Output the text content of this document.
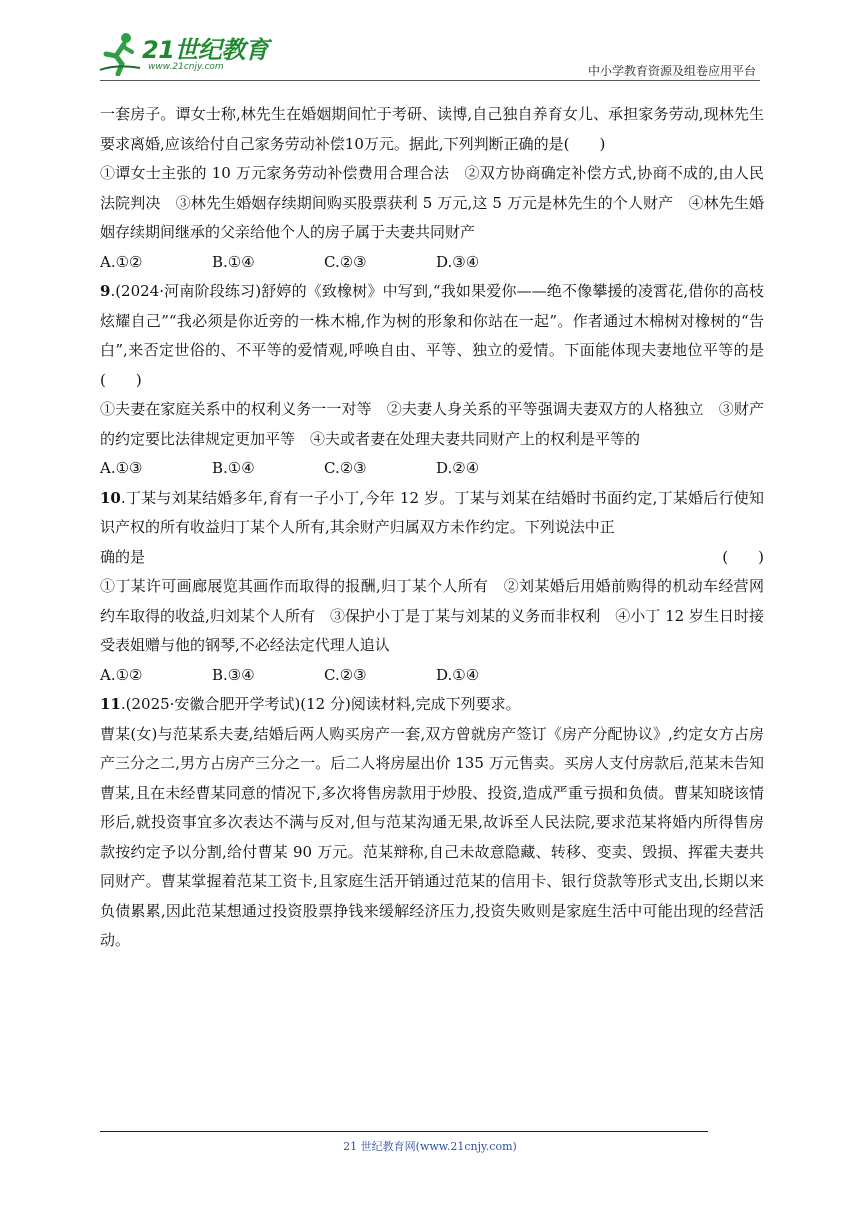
21世纪教育
www.21cnjy.com	中小学教育资源及组卷应用平台

一套房子。谭女士称,林先生在婚姻期间忙于考研、读博,自己独自养育女儿、承担家务劳动,现林先生要求离婚,应该给付自己家务劳动补偿10万元。据此,下列判断正确的是(　　)

①谭女士主张的 10 万元家务劳动补偿费用合理合法　②双方协商确定补偿方式,协商不成的,由人民法院判决　③林先生婚姻存续期间购买股票获利 5 万元,这 5 万元是林先生的个人财产　④林先生婚姻存续期间继承的父亲给他个人的房子属于夫妻共同财产

A.①②	B.①④	C.②③	D.③④

9.(2024·河南阶段练习)舒婷的《致橡树》中写到,“我如果爱你——绝不像攀援的凌霄花,借你的高枝炫耀自己”“我必须是你近旁的一株木棉,作为树的形象和你站在一起”。作者通过木棉树对橡树的“告白”,来否定世俗的、不平等的爱情观,呼唤自由、平等、独立的爱情。下面能体现夫妻地位平等的是(　　)

①夫妻在家庭关系中的权利义务一一对等　②夫妻人身关系的平等强调夫妻双方的人格独立　③财产的约定要比法律规定更加平等　④夫或者妻在处理夫妻共同财产上的权利是平等的

A.①③	B.①④	C.②③	D.②④

10.丁某与刘某结婚多年,育有一子小丁,今年 12 岁。丁某与刘某在结婚时书面约定,丁某婚后行使知识产权的所有收益归丁某个人所有,其余财产归属双方未作约定。下列说法中正

确的是	(　　)

①丁某许可画廊展览其画作而取得的报酬,归丁某个人所有　②刘某婚后用婚前购得的机动车经营网约车取得的收益,归刘某个人所有　③保护小丁是丁某与刘某的义务而非权利　④小丁 12 岁生日时接受表姐赠与他的钢琴,不必经法定代理人追认

A.①②	B.③④	C.②③	D.①④

11.(2025·安徽合肥开学考试)(12 分)阅读材料,完成下列要求。

曹某(女)与范某系夫妻,结婚后两人购买房产一套,双方曾就房产签订《房产分配协议》,约定女方占房产三分之二,男方占房产三分之一。后二人将房屋出价 135 万元售卖。买房人支付房款后,范某未告知曹某,且在未经曹某同意的情况下,多次将售房款用于炒股、投资,造成严重亏损和负债。曹某知晓该情形后,就投资事宜多次表达不满与反对,但与范某沟通无果,故诉至人民法院,要求范某将婚内所得售房款按约定予以分割,给付曹某 90 万元。范某辩称,自己未故意隐藏、转移、变卖、毁损、挥霍夫妻共同财产。曹某掌握着范某工资卡,且家庭生活开销通过范某的信用卡、银行贷款等形式支出,长期以来负债累累,因此范某想通过投资股票挣钱来缓解经济压力,投资失败则是家庭生活中可能出现的经营活动。

21 世纪教育网(www.21cnjy.com)
